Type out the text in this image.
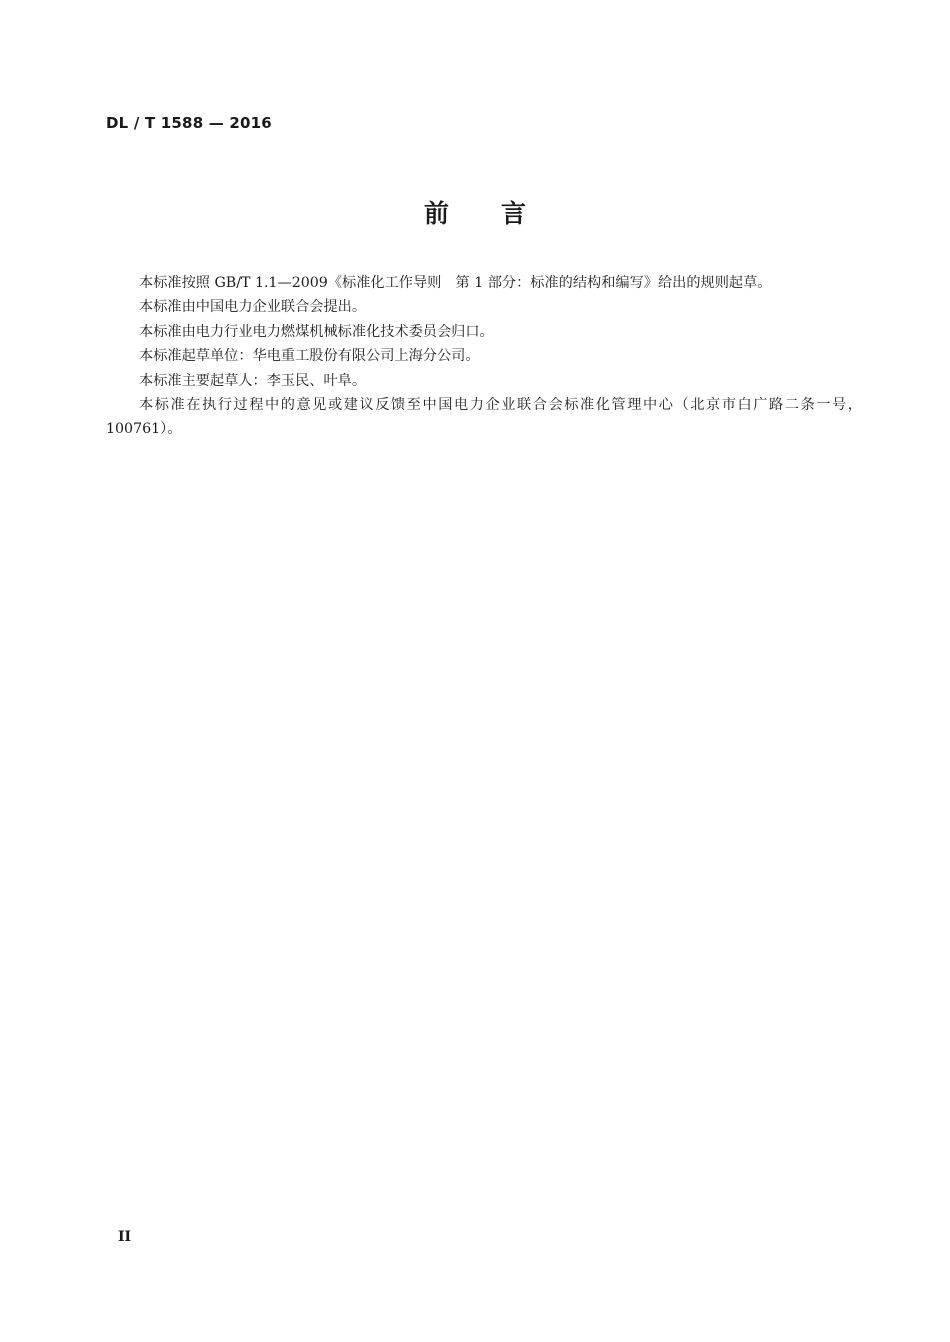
DL / T 1588 — 2016
前言

本标准按照 GB/T 1.1—2009《标准化工作导则　第 1 部分：标准的结构和编写》给出的规则起草。

本标准由中国电力企业联合会提出。

本标准由电力行业电力燃煤机械标准化技术委员会归口。

本标准起草单位：华电重工股份有限公司上海分公司。

本标准主要起草人：李玉民、叶阜。

本标准在执行过程中的意见或建议反馈至中国电力企业联合会标准化管理中心（北京市白广路二条一号，100761）。

II
